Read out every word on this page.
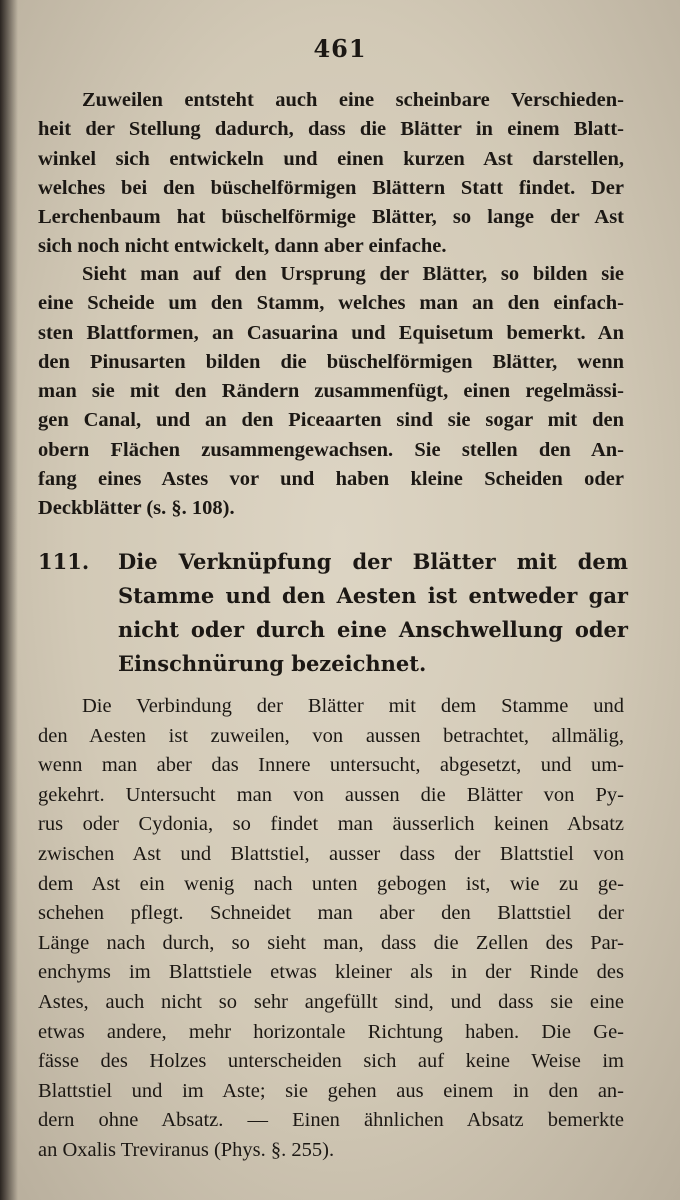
461
Zuweilen entsteht auch eine scheinbare Verschieden-
heit der Stellung dadurch, dass die Blätter in einem Blatt-
winkel sich entwickeln und einen kurzen Ast darstellen,
welches bei den büschelförmigen Blättern Statt findet. Der
Lerchenbaum hat büschelförmige Blätter, so lange der Ast
sich noch nicht entwickelt, dann aber einfache.
Sieht man auf den Ursprung der Blätter, so bilden sie
eine Scheide um den Stamm, welches man an den einfach-
sten Blattformen, an Casuarina und Equisetum bemerkt. An
den Pinusarten bilden die büschelförmigen Blätter, wenn
man sie mit den Rändern zusammenfügt, einen regelmässi-
gen Canal, und an den Piceaarten sind sie sogar mit den
obern Flächen zusammengewachsen. Sie stellen den An-
fang eines Astes vor und haben kleine Scheiden oder
Deckblätter (s. §. 108).
111. Die Verknüpfung der Blätter mit dem
Stamme und den Aesten ist entweder gar
nicht oder durch eine Anschwellung oder
Einschnürung bezeichnet.
Die Verbindung der Blätter mit dem Stamme und
den Aesten ist zuweilen, von aussen betrachtet, allmälig,
wenn man aber das Innere untersucht, abgesetzt, und um-
gekehrt. Untersucht man von aussen die Blätter von Py-
rus oder Cydonia, so findet man äusserlich keinen Absatz
zwischen Ast und Blattstiel, ausser dass der Blattstiel von
dem Ast ein wenig nach unten gebogen ist, wie zu ge-
schehen pflegt. Schneidet man aber den Blattstiel der
Länge nach durch, so sieht man, dass die Zellen des Par-
enchyms im Blattstiele etwas kleiner als in der Rinde des
Astes, auch nicht so sehr angefüllt sind, und dass sie eine
etwas andere, mehr horizontale Richtung haben. Die Ge-
fässe des Holzes unterscheiden sich auf keine Weise im
Blattstiel und im Aste; sie gehen aus einem in den an-
dern ohne Absatz. — Einen ähnlichen Absatz bemerkte
an Oxalis Treviranus (Phys. §. 255).
